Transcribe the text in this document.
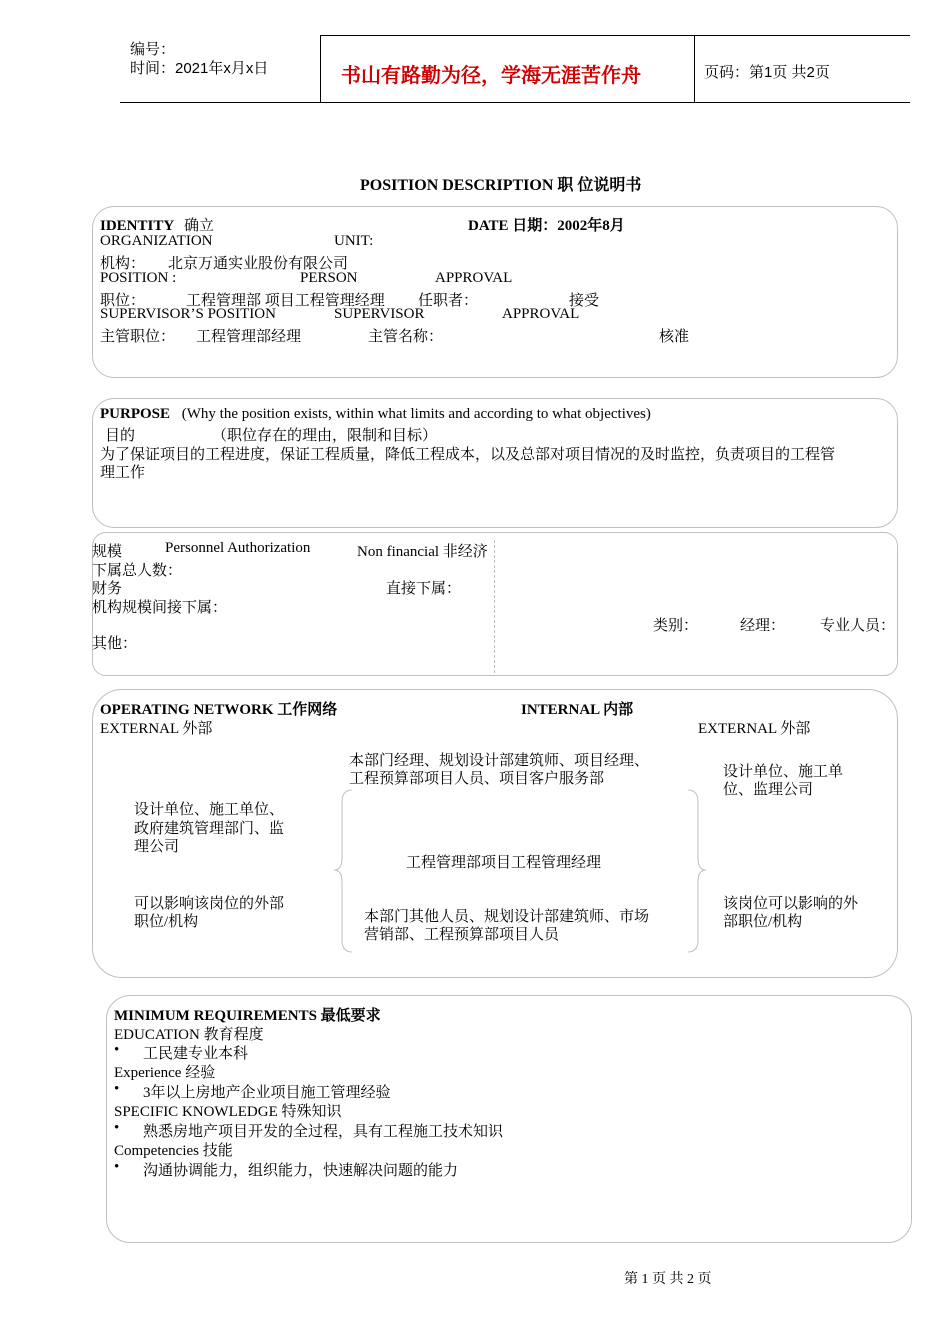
编号：
时间：2021年x月x日	书山有路勤为径，学海无涯苦作舟	页码：第1页 共2页
POSITION DESCRIPTION 职 位说明书
IDENTITY 确立	DATE 日期：2002年8月
ORGANIZATION	UNIT:
机构： 北京万通实业股份有限公司
POSITION :	PERSON	APPROVAL
职位：	工程管理部 项目工程管理经理 任职者：	接受
SUPERVISOR’S POSITION	SUPERVISOR	APPROVAL
主管职位： 工程管理部经理	主管名称：	核准
PURPOSE (Why the position exists, within what limits and according to what objectives)
目的	（职位存在的理由，限制和目标）
为了保证项目的工程进度，保证工程质量，降低工程成本，以及总部对项目情况的及时监控，负责项目的工程管
理工作
规模	Personnel Authorization	Non financial 非经济
下属总人数：
财务	直接下属：
机构规模间接下属：
类别：	经理： 专业人员：
其他：
OPERATING NETWORK 工作网络	INTERNAL 内部
EXTERNAL 外部	EXTERNAL 外部
本部门经理、规划设计部建筑师、项目经理、
工程预算部项目人员、项目客户服务部	设计单位、施工单
位、监理公司
设计单位、施工单位、
政府建筑管理部门、监
理公司
工程管理部项目工程管理经理
可以影响该岗位的外部
职位/机构	本部门其他人员、规划设计部建筑师、市场
营销部、工程预算部项目人员
该岗位可以影响的外
部职位/机构
MINIMUM REQUIREMENTS 最低要求
EDUCATION 教育程度
• 工民建专业本科
Experience 经验
• 3年以上房地产企业项目施工管理经验
SPECIFIC KNOWLEDGE 特殊知识
• 熟悉房地产项目开发的全过程，具有工程施工技术知识
Competencies 技能
• 沟通协调能力，组织能力，快速解决问题的能力
第 1 页 共 2 页
